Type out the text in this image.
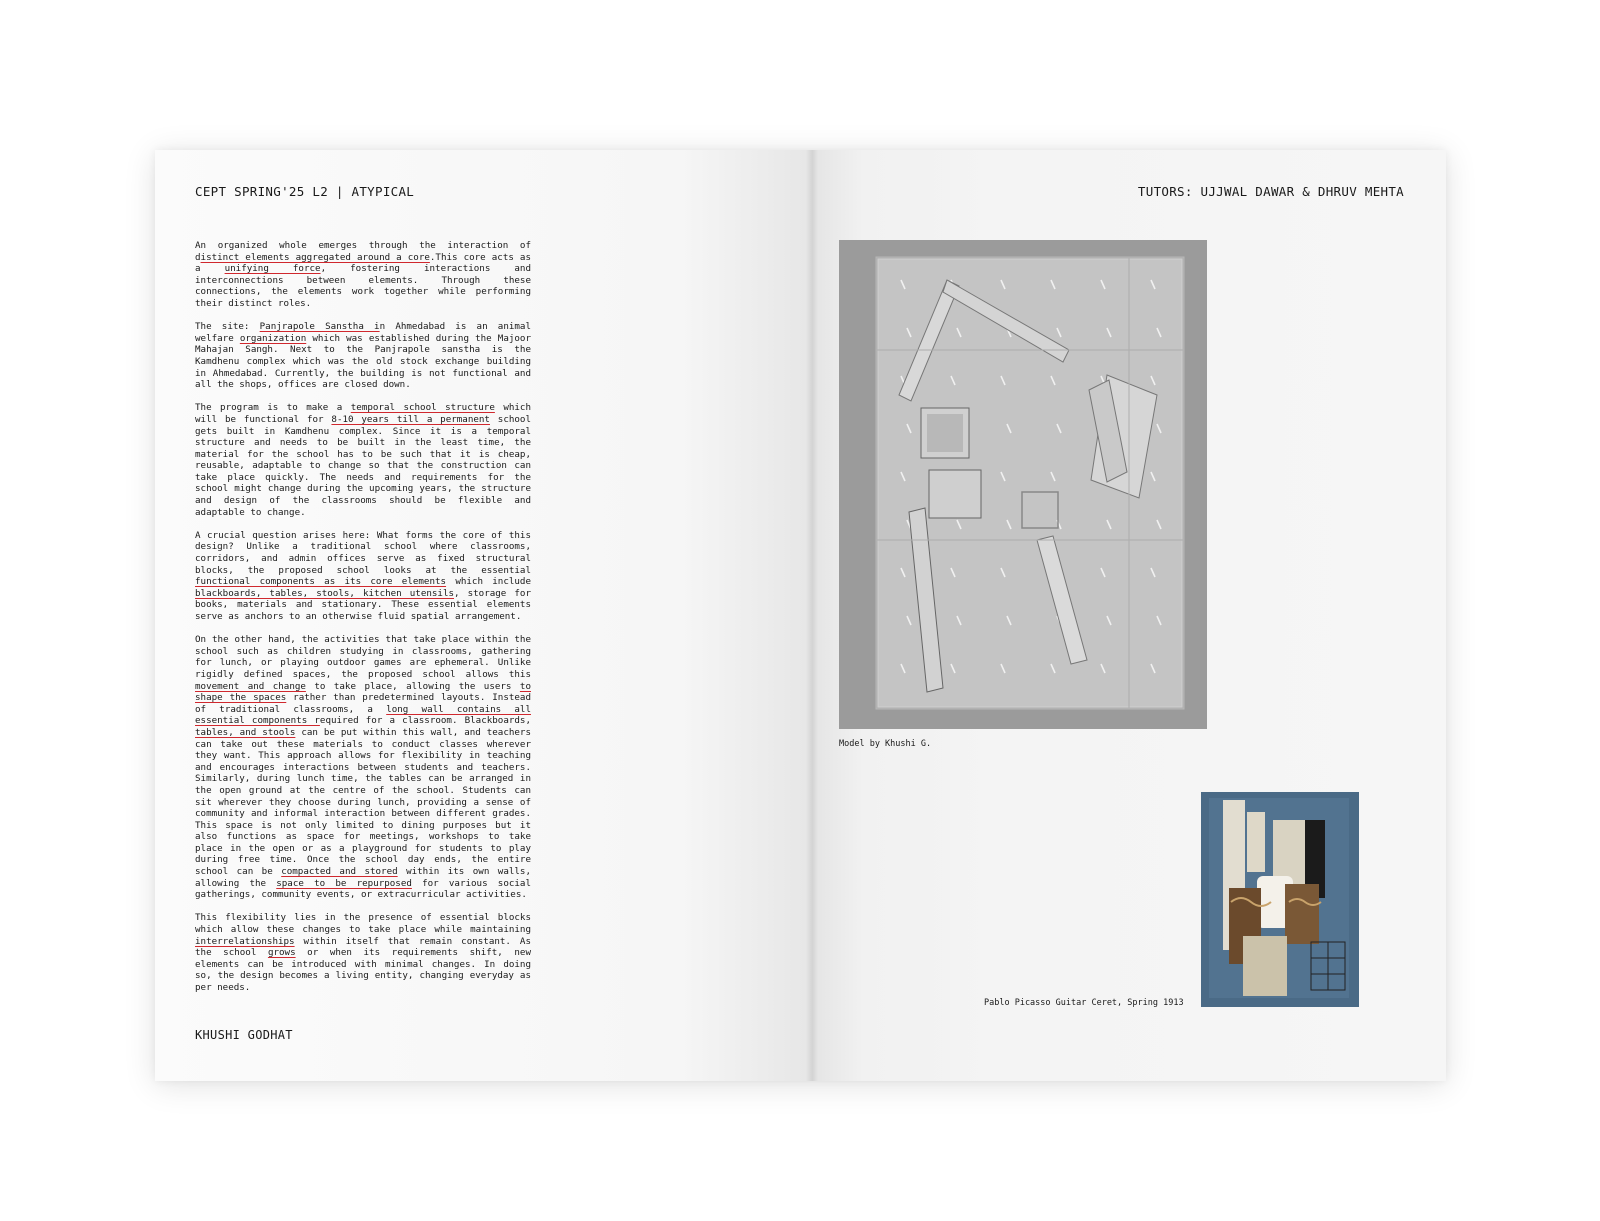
CEPT SPRING'25 L2 | ATYPICAL

An organized whole emerges through the interaction of distinct elements aggregated around a core.This core acts as a unifying force, fostering interactions and interconnections between elements. Through these connections, the elements work together while performing their distinct roles.

The site: Panjrapole Sanstha in Ahmedabad is an animal welfare organization which was established during the Majoor Mahajan Sangh. Next to the Panjrapole sanstha is the Kamdhenu complex which was the old stock exchange building in Ahmedabad. Currently, the building is not functional and all the shops, offices are closed down.

The program is to make a temporal school structure which will be functional for 8-10 years till a permanent school gets built in Kamdhenu complex. Since it is a temporal structure and needs to be built in the least time, the material for the school has to be such that it is cheap, reusable, adaptable to change so that the construction can take place quickly. The needs and requirements for the school might change during the upcoming years, the structure and design of the classrooms should be flexible and adaptable to change.

A crucial question arises here: What forms the core of this design? Unlike a traditional school where classrooms, corridors, and admin offices serve as fixed structural blocks, the proposed school looks at the essential functional components as its core elements which include blackboards, tables, stools, kitchen utensils, storage for books, materials and stationary. These essential elements serve as anchors to an otherwise fluid spatial arrangement.

On the other hand, the activities that take place within the school such as children studying in classrooms, gathering for lunch, or playing outdoor games are ephemeral. Unlike rigidly defined spaces, the proposed school allows this movement and change to take place, allowing the users to shape the spaces rather than predetermined layouts. Instead of traditional classrooms, a long wall contains all essential components required for a classroom. Blackboards, tables, and stools can be put within this wall, and teachers can take out these materials to conduct classes wherever they want. This approach allows for flexibility in teaching and encourages interactions between students and teachers. Similarly, during lunch time, the tables can be arranged in the open ground at the centre of the school. Students can sit wherever they choose during lunch, providing a sense of community and informal interaction between different grades. This space is not only limited to dining purposes but it also functions as space for meetings, workshops to take place in the open or as a playground for students to play during free time. Once the school day ends, the entire school can be compacted and stored within its own walls, allowing the space to be repurposed for various social gatherings, community events, or extracurricular activities.

This flexibility lies in the presence of essential blocks which allow these changes to take place while maintaining interrelationships within itself that remain constant. As the school grows or when its requirements shift, new elements can be introduced with minimal changes. In doing so, the design becomes a living entity, changing everyday as per needs.

KHUSHI GODHAT
TUTORS: UJJWAL DAWAR & DHRUV MEHTA
Model by Khushi G.
Pablo Picasso Guitar Ceret, Spring 1913
